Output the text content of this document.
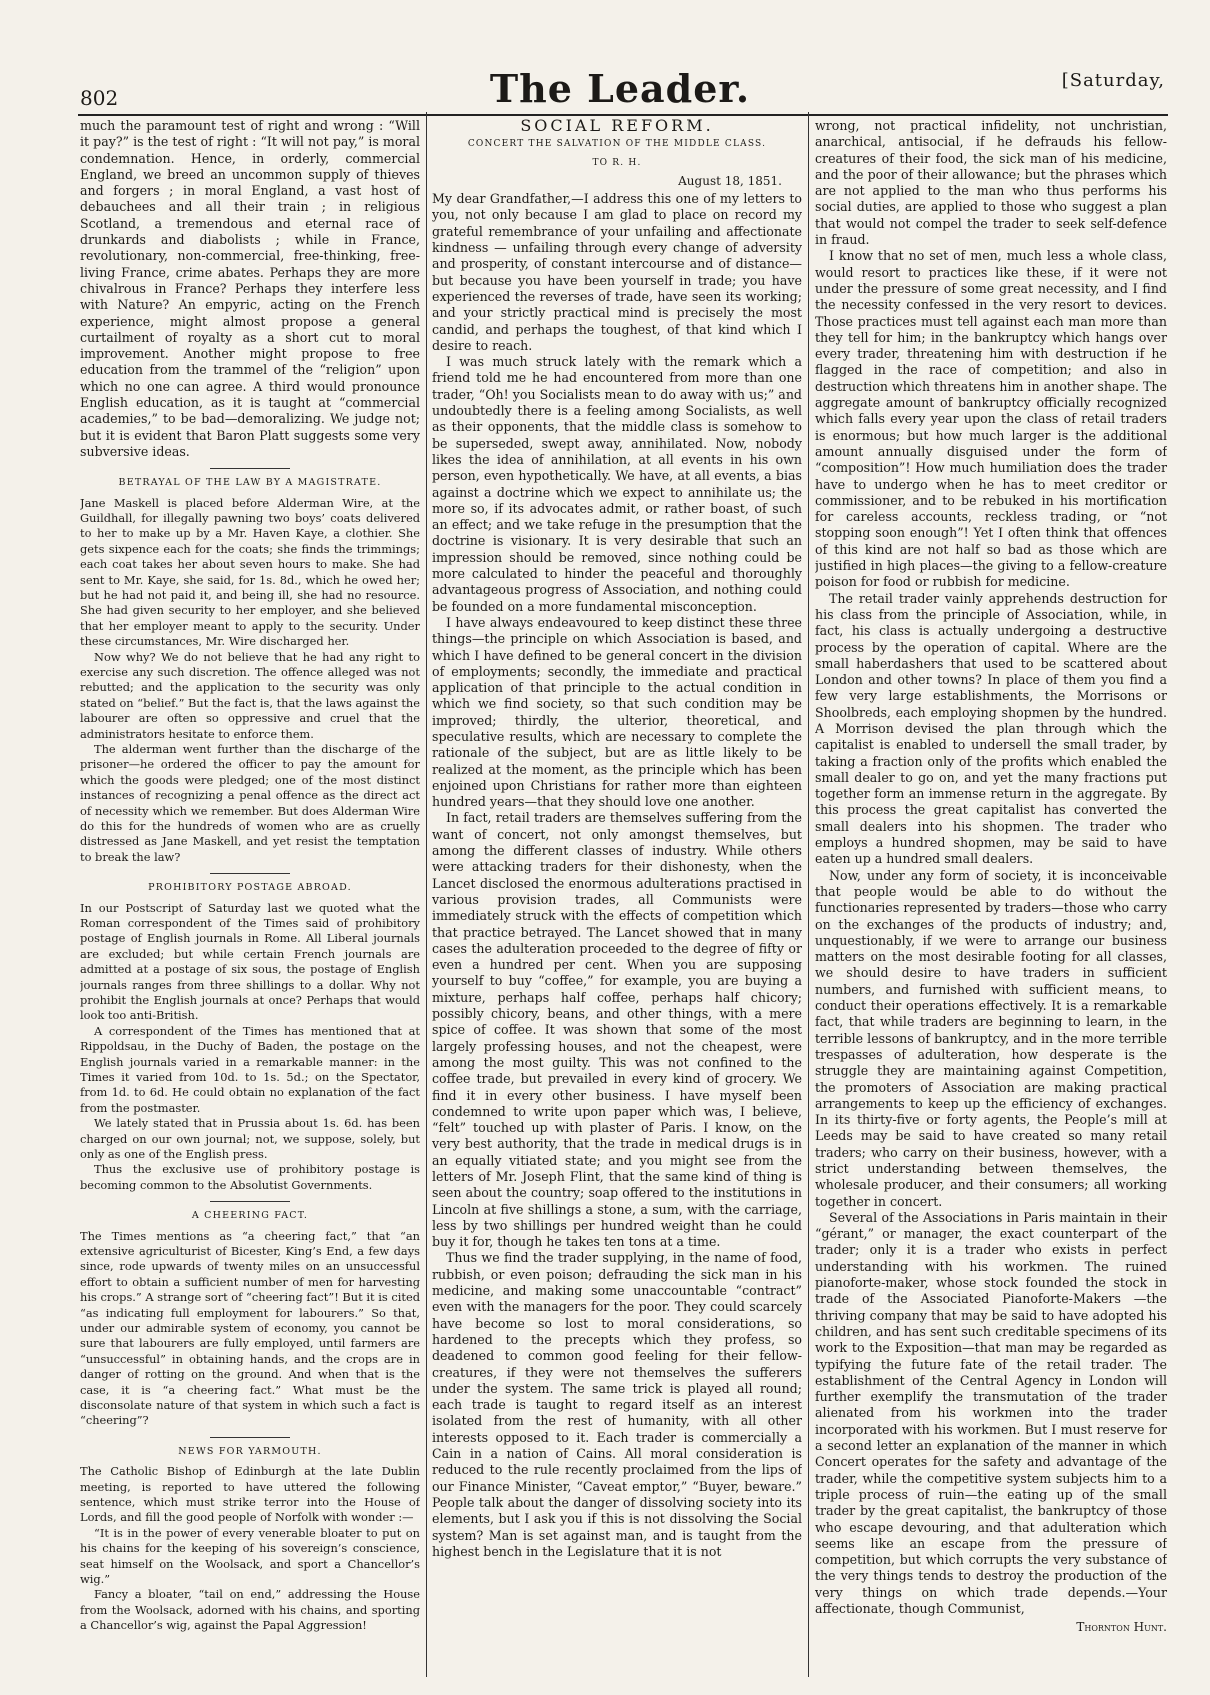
802	The Leader.	[Saturday,

much the paramount test of right and wrong : “Will it pay?” is the test of right : “It will not pay,” is moral condemnation. Hence, in orderly, commercial England, we breed an uncommon supply of thieves and forgers ; in moral England, a vast host of debauchees and all their train ; in religious Scotland, a tremendous and eternal race of drunkards and diabolists ; while in France, revolutionary, non-commercial, free-thinking, free-living France, crime abates. Perhaps they are more chivalrous in France? Perhaps they interfere less with Nature? An empyric, acting on the French experience, might almost propose a general curtailment of royalty as a short cut to moral improvement. Another might propose to free education from the trammel of the “religion” upon which no one can agree. A third would pronounce English education, as it is taught at “commercial academies,” to be bad—demoralizing. We judge not; but it is evident that Baron Platt suggests some very subversive ideas.

BETRAYAL OF THE LAW BY A MAGISTRATE.

Jane Maskell is placed before Alderman Wire, at the Guildhall, for illegally pawning two boys’ coats delivered to her to make up by a Mr. Haven Kaye, a clothier. She gets sixpence each for the coats; she finds the trimmings; each coat takes her about seven hours to make. She had sent to Mr. Kaye, she said, for 1s. 8d., which he owed her; but he had not paid it, and being ill, she had no resource. She had given security to her employer, and she believed that her employer meant to apply to the security. Under these circumstances, Mr. Wire discharged her.

Now why? We do not believe that he had any right to exercise any such discretion. The offence alleged was not rebutted; and the application to the security was only stated on “belief.” But the fact is, that the laws against the labourer are often so oppressive and cruel that the administrators hesitate to enforce them.

The alderman went further than the discharge of the prisoner—he ordered the officer to pay the amount for which the goods were pledged; one of the most distinct instances of recognizing a penal offence as the direct act of necessity which we remember. But does Alderman Wire do this for the hundreds of women who are as cruelly distressed as Jane Maskell, and yet resist the temptation to break the law?

PROHIBITORY POSTAGE ABROAD.

In our Postscript of Saturday last we quoted what the Roman correspondent of the Times said of prohibitory postage of English journals in Rome. All Liberal journals are excluded; but while certain French journals are admitted at a postage of six sous, the postage of English journals ranges from three shillings to a dollar. Why not prohibit the English journals at once? Perhaps that would look too anti-British.

A correspondent of the Times has mentioned that at Rippoldsau, in the Duchy of Baden, the postage on the English journals varied in a remarkable manner: in the Times it varied from 10d. to 1s. 5d.; on the Spectator, from 1d. to 6d. He could obtain no explanation of the fact from the postmaster.

We lately stated that in Prussia about 1s. 6d. has been charged on our own journal; not, we suppose, solely, but only as one of the English press.

Thus the exclusive use of prohibitory postage is becoming common to the Absolutist Governments.

A CHEERING FACT.

The Times mentions as “a cheering fact,” that “an extensive agriculturist of Bicester, King’s End, a few days since, rode upwards of twenty miles on an unsuccessful effort to obtain a sufficient number of men for harvesting his crops.” A strange sort of “cheering fact”! But it is cited “as indicating full employment for labourers.” So that, under our admirable system of economy, you cannot be sure that labourers are fully employed, until farmers are “unsuccessful” in obtaining hands, and the crops are in danger of rotting on the ground. And when that is the case, it is “a cheering fact.” What must be the disconsolate nature of that system in which such a fact is “cheering”?

NEWS FOR YARMOUTH.

The Catholic Bishop of Edinburgh at the late Dublin meeting, is reported to have uttered the following sentence, which must strike terror into the House of Lords, and fill the good people of Norfolk with wonder :—

“It is in the power of every venerable bloater to put on his chains for the keeping of his sovereign’s conscience, seat himself on the Woolsack, and sport a Chancellor’s wig.”

Fancy a bloater, “tail on end,” addressing the House from the Woolsack, adorned with his chains, and sporting a Chancellor’s wig, against the Papal Aggression!

SOCIAL REFORM.
CONCERT THE SALVATION OF THE MIDDLE CLASS.
TO R. H.
August 18, 1851.

My dear Grandfather,—I address this one of my letters to you, not only because I am glad to place on record my grateful remembrance of your unfailing and affectionate kindness — unfailing through every change of adversity and prosperity, of constant intercourse and of distance—but because you have been yourself in trade; you have experienced the reverses of trade, have seen its working; and your strictly practical mind is precisely the most candid, and perhaps the toughest, of that kind which I desire to reach.

I was much struck lately with the remark which a friend told me he had encountered from more than one trader, “Oh! you Socialists mean to do away with us;” and undoubtedly there is a feeling among Socialists, as well as their opponents, that the middle class is somehow to be superseded, swept away, annihilated. Now, nobody likes the idea of annihilation, at all events in his own person, even hypothetically. We have, at all events, a bias against a doctrine which we expect to annihilate us; the more so, if its advocates admit, or rather boast, of such an effect; and we take refuge in the presumption that the doctrine is visionary. It is very desirable that such an impression should be removed, since nothing could be more calculated to hinder the peaceful and thoroughly advantageous progress of Association, and nothing could be founded on a more fundamental misconception.

I have always endeavoured to keep distinct these three things—the principle on which Association is based, and which I have defined to be general concert in the division of employments; secondly, the immediate and practical application of that principle to the actual condition in which we find society, so that such condition may be improved; thirdly, the ulterior, theoretical, and speculative results, which are necessary to complete the rationale of the subject, but are as little likely to be realized at the moment, as the principle which has been enjoined upon Christians for rather more than eighteen hundred years—that they should love one another.

In fact, retail traders are themselves suffering from the want of concert, not only amongst themselves, but among the different classes of industry. While others were attacking traders for their dishonesty, when the Lancet disclosed the enormous adulterations practised in various provision trades, all Communists were immediately struck with the effects of competition which that practice betrayed. The Lancet showed that in many cases the adulteration proceeded to the degree of fifty or even a hundred per cent. When you are supposing yourself to buy “coffee,” for example, you are buying a mixture, perhaps half coffee, perhaps half chicory; possibly chicory, beans, and other things, with a mere spice of coffee. It was shown that some of the most largely professing houses, and not the cheapest, were among the most guilty. This was not confined to the coffee trade, but prevailed in every kind of grocery. We find it in every other business. I have myself been condemned to write upon paper which was, I believe, “felt” touched up with plaster of Paris. I know, on the very best authority, that the trade in medical drugs is in an equally vitiated state; and you might see from the letters of Mr. Joseph Flint, that the same kind of thing is seen about the country; soap offered to the institutions in Lincoln at five shillings a stone, a sum, with the carriage, less by two shillings per hundred weight than he could buy it for, though he takes ten tons at a time.

Thus we find the trader supplying, in the name of food, rubbish, or even poison; defrauding the sick man in his medicine, and making some unaccountable “contract” even with the managers for the poor. They could scarcely have become so lost to moral considerations, so hardened to the precepts which they profess, so deadened to common good feeling for their fellow-creatures, if they were not themselves the sufferers under the system. The same trick is played all round; each trade is taught to regard itself as an interest isolated from the rest of humanity, with all other interests opposed to it. Each trader is commercially a Cain in a nation of Cains. All moral consideration is reduced to the rule recently proclaimed from the lips of our Finance Minister, “Caveat emptor,” “Buyer, beware.” People talk about the danger of dissolving society into its elements, but I ask you if this is not dissolving the Social system? Man is set against man, and is taught from the highest bench in the Legislature that it is not

wrong, not practical infidelity, not unchristian, anarchical, antisocial, if he defrauds his fellow-creatures of their food, the sick man of his medicine, and the poor of their allowance; but the phrases which are not applied to the man who thus performs his social duties, are applied to those who suggest a plan that would not compel the trader to seek self-defence in fraud.

I know that no set of men, much less a whole class, would resort to practices like these, if it were not under the pressure of some great necessity, and I find the necessity confessed in the very resort to devices. Those practices must tell against each man more than they tell for him; in the bankruptcy which hangs over every trader, threatening him with destruction if he flagged in the race of competition; and also in destruction which threatens him in another shape. The aggregate amount of bankruptcy officially recognized which falls every year upon the class of retail traders is enormous; but how much larger is the additional amount annually disguised under the form of “composition”! How much humiliation does the trader have to undergo when he has to meet creditor or commissioner, and to be rebuked in his mortification for careless accounts, reckless trading, or “not stopping soon enough”! Yet I often think that offences of this kind are not half so bad as those which are justified in high places—the giving to a fellow-creature poison for food or rubbish for medicine.

The retail trader vainly apprehends destruction for his class from the principle of Association, while, in fact, his class is actually undergoing a destructive process by the operation of capital. Where are the small haberdashers that used to be scattered about London and other towns? In place of them you find a few very large establishments, the Morrisons or Shoolbreds, each employing shopmen by the hundred. A Morrison devised the plan through which the capitalist is enabled to undersell the small trader, by taking a fraction only of the profits which enabled the small dealer to go on, and yet the many fractions put together form an immense return in the aggregate. By this process the great capitalist has converted the small dealers into his shopmen. The trader who employs a hundred shopmen, may be said to have eaten up a hundred small dealers.

Now, under any form of society, it is inconceivable that people would be able to do without the functionaries represented by traders—those who carry on the exchanges of the products of industry; and, unquestionably, if we were to arrange our business matters on the most desirable footing for all classes, we should desire to have traders in sufficient numbers, and furnished with sufficient means, to conduct their operations effectively. It is a remarkable fact, that while traders are beginning to learn, in the terrible lessons of bankruptcy, and in the more terrible trespasses of adulteration, how desperate is the struggle they are maintaining against Competition, the promoters of Association are making practical arrangements to keep up the efficiency of exchanges. In its thirty-five or forty agents, the People’s mill at Leeds may be said to have created so many retail traders; who carry on their business, however, with a strict understanding between themselves, the wholesale producer, and their consumers; all working together in concert.

Several of the Associations in Paris maintain in their “gérant,” or manager, the exact counterpart of the trader; only it is a trader who exists in perfect understanding with his workmen. The ruined pianoforte-maker, whose stock founded the stock in trade of the Associated Pianoforte-Makers —the thriving company that may be said to have adopted his children, and has sent such creditable specimens of its work to the Exposition—that man may be regarded as typifying the future fate of the retail trader. The establishment of the Central Agency in London will further exemplify the transmutation of the trader alienated from his workmen into the trader incorporated with his workmen. But I must reserve for a second letter an explanation of the manner in which Concert operates for the safety and advantage of the trader, while the competitive system subjects him to a triple process of ruin—the eating up of the small trader by the great capitalist, the bankruptcy of those who escape devouring, and that adulteration which seems like an escape from the pressure of competition, but which corrupts the very substance of the very things tends to destroy the production of the very things on which trade depends.—Your affectionate, though Communist,

Thornton Hunt.
